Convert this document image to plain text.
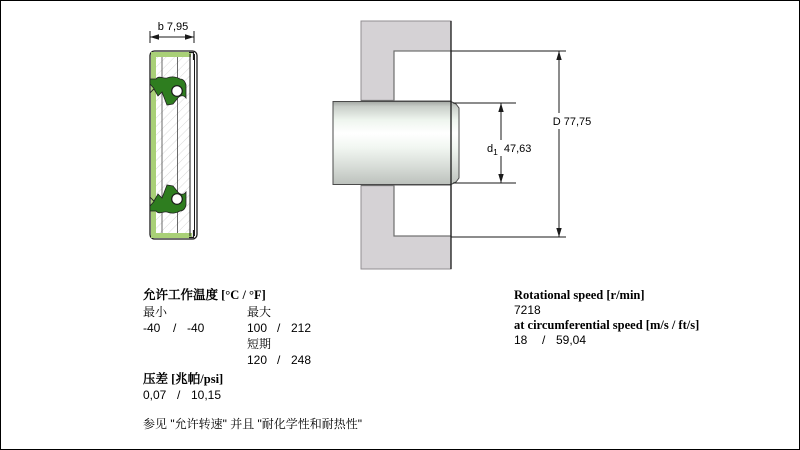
b 7,95
D 77,75
$d_1$ 47,63
允许工作温度 [°C / °F]
最小	最大
-40 / -40	100 / 212
短期
120 / 248
压差 [兆帕/psi]
0,07 / 10,15
参见 "允许转速" 并且 "耐化学性和耐热性"
Rotational speed [r/min]
7218
at circumferential speed [m/s / ft/s]
18 / 59,04
